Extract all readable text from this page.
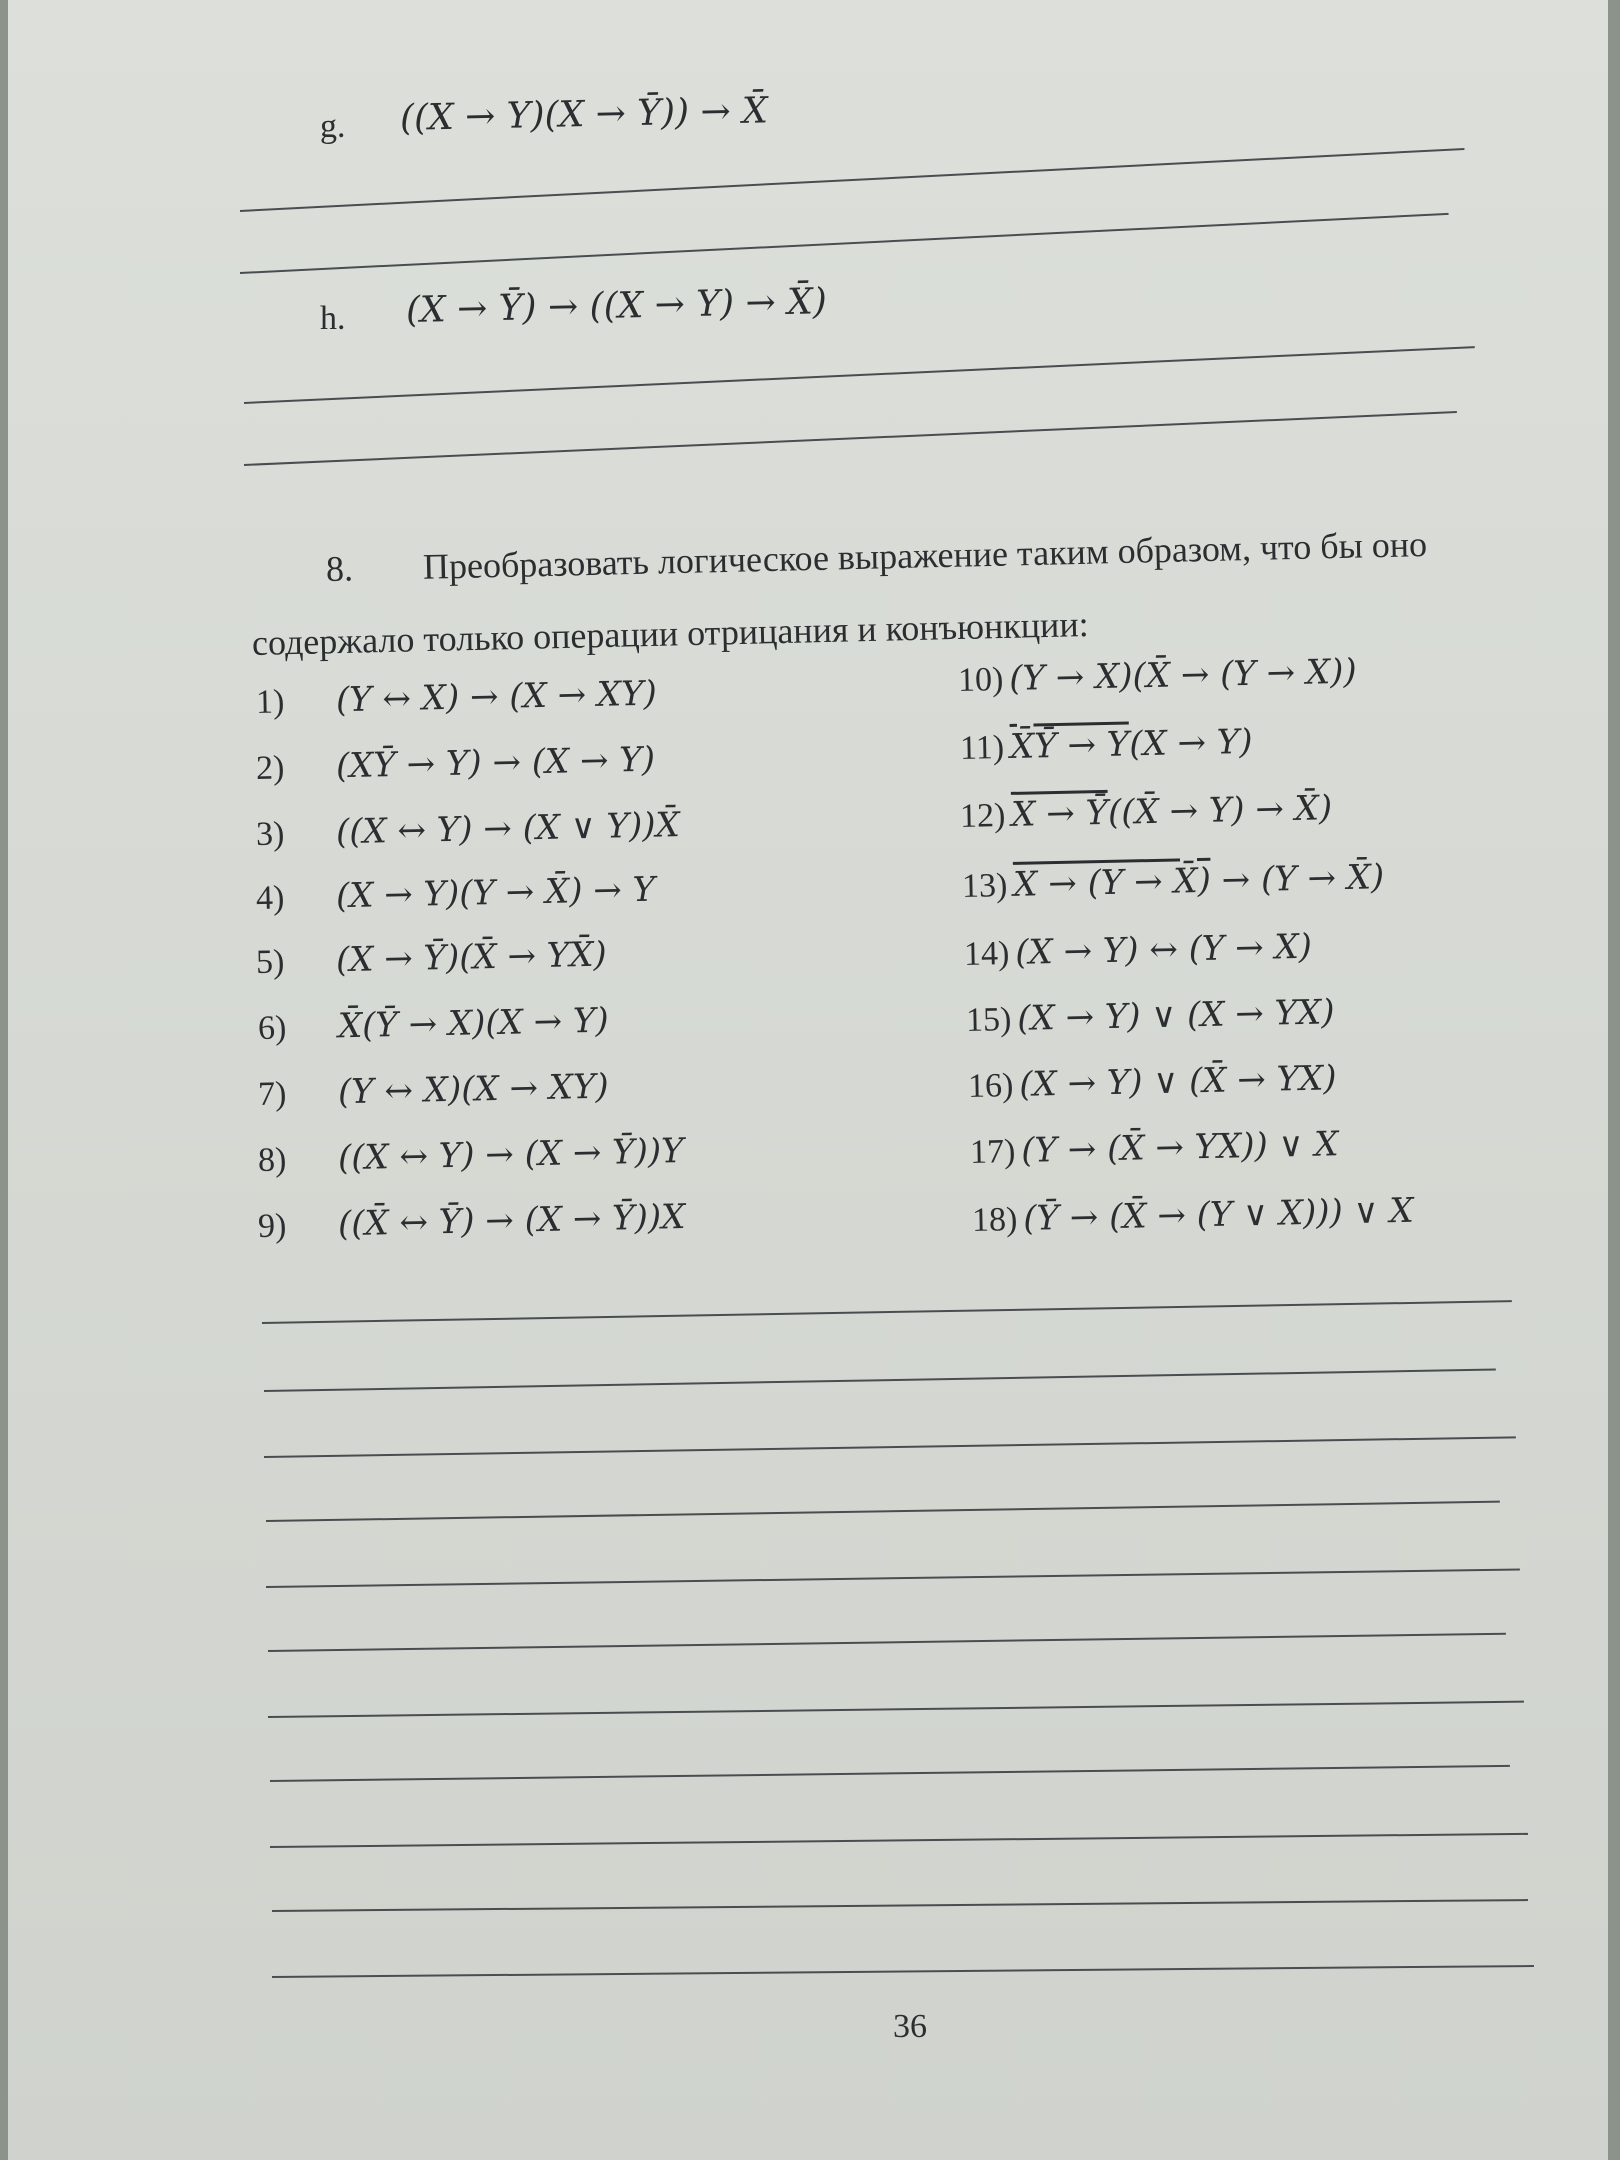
g. ((X → Y)(X → Ȳ)) → X̄
h. (X → Ȳ) → ((X → Y) → X̄)
8. Преобразовать логическое выражение таким образом, что бы оно
содержало только операции отрицания и конъюнкции:
1) (Y ↔ X) → (X → XY)
2) (XȲ → Y) → (X → Y)
3) ((X ↔ Y) → (X ∨ Y))X̄
4) (X → Y)(Y → X̄) → Y
5) (X → Ȳ)(X̄ → YX̄)
6) X̄(Ȳ → X)(X → Y)
7) (Y ↔ X)(X → XY)
8) ((X ↔ Y) → (X → Ȳ))Y
9) ((X̄ ↔ Ȳ) → (X → Ȳ))X
10) (Y → X)(X̄ → (Y → X))
11) X̄Ȳ → Y(X → Y)
12) X → Ȳ((X̄ → Y) → X̄)
13) X → (Y → X̄) → (Y → X̄)
14) (X → Y) ↔ (Y → X)
15) (X → Y) ∨ (X → YX)
16) (X → Y) ∨ (X̄ → YX)
17) (Y → (X̄ → YX)) ∨ X
18) (Ȳ → (X̄ → (Y ∨ X))) ∨ X
36
